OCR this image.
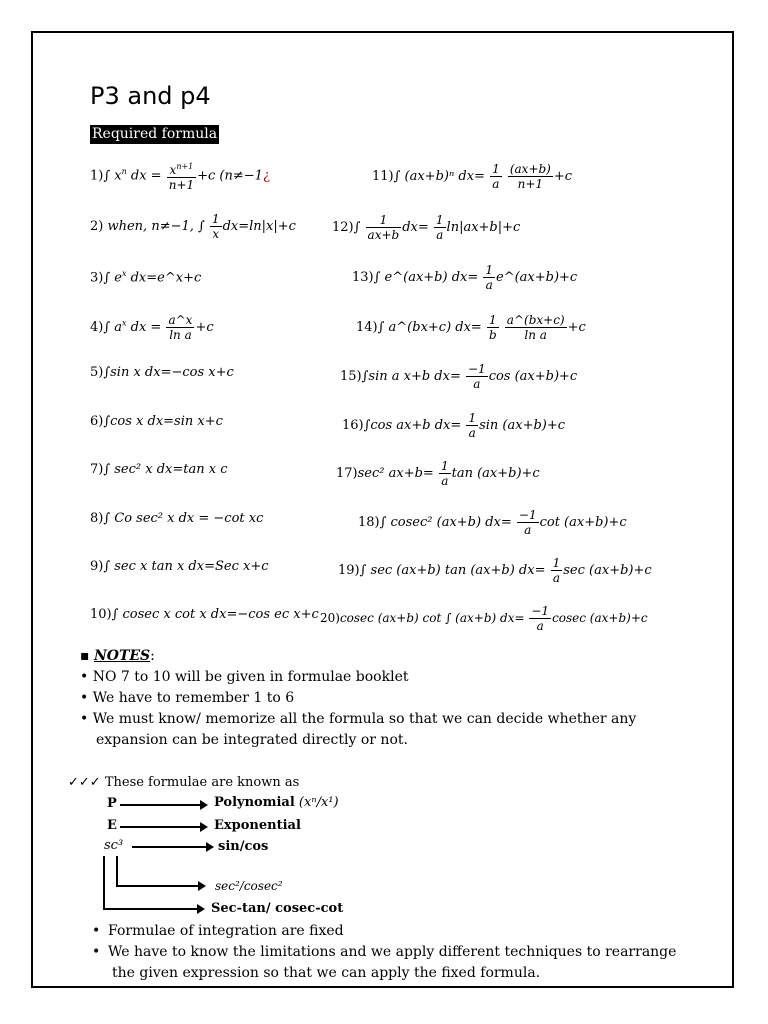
P3 and p4
Required formula
1)∫ $x^n$ dx = $\frac{x^{n+1}}{n+1} +c$ (n≠−1¿
2) when, n≠−1, ∫ $\frac{1}{x} dx=\ln|x|+c$
3)∫ $e^x$ dx=e^x+c
4)∫ $a^x$ dx = $\frac{a\^{}x}{\text{ln a}} +c$
5)∫sin x dx=−cos x+c
6)∫cos x dx=sin x+c
7)∫ sec² x dx=tan x c
8)∫ Co sec² x dx = −cot xc
9)∫ sec x tan x dx=Sec x+c
10)∫ cosec x cot x dx=−cos ec x+c
11)∫ (ax+b)ⁿ $dx= \frac{1}{a}$
$\frac{(ax+b)}{n+1} +c$
$12)\int \frac{1}{ax+b} dx= \frac{1}{a} \ln|ax+b|+c$
13)∫ e^(ax+b) $dx= \frac{1}{a}$ e^(ax+b)+c
14)∫ a^(bx+c) $dx= \frac{1}{b}$
$\frac{a\^{}(bx+c)}{\text{ln a}} +c$
15)∫sin a x+b $dx= \frac{-1}{a}$ cos (ax+b)+c
16)∫cos ax+b $dx= \frac{1}{a}$ sin (ax+b)+c
17)sec² $ax+b= \frac{1}{a}$ tan (ax+b)+c
18)∫ cosec² (ax+b) $dx= \frac{-1}{a}$ cot (ax+b)+c
19)∫ sec (ax+b) tan (ax+b) $dx= \frac{1}{a}$ sec (ax+b)+c
20)cosec (ax+b) cot ∫ (ax+b) $dx= \frac{-1}{a}$ cosec (ax+b)+c
▪ NOTES:
• NO 7 to 10 will be given in formulae booklet
• We have to remember 1 to 6
• We must know/ memorize all the formula so that we can decide whether any
expansion can be integrated directly or not.
✓✓✓ These formulae are known as
P	Polynomial (xⁿ/x¹)
E	Exponential
sc³	sin/cos
sec²/cosec²
Sec-tan/ cosec-cot
• Formulae of integration are fixed
• We have to know the limitations and we apply different techniques to rearrange
the given expression so that we can apply the fixed formula.
